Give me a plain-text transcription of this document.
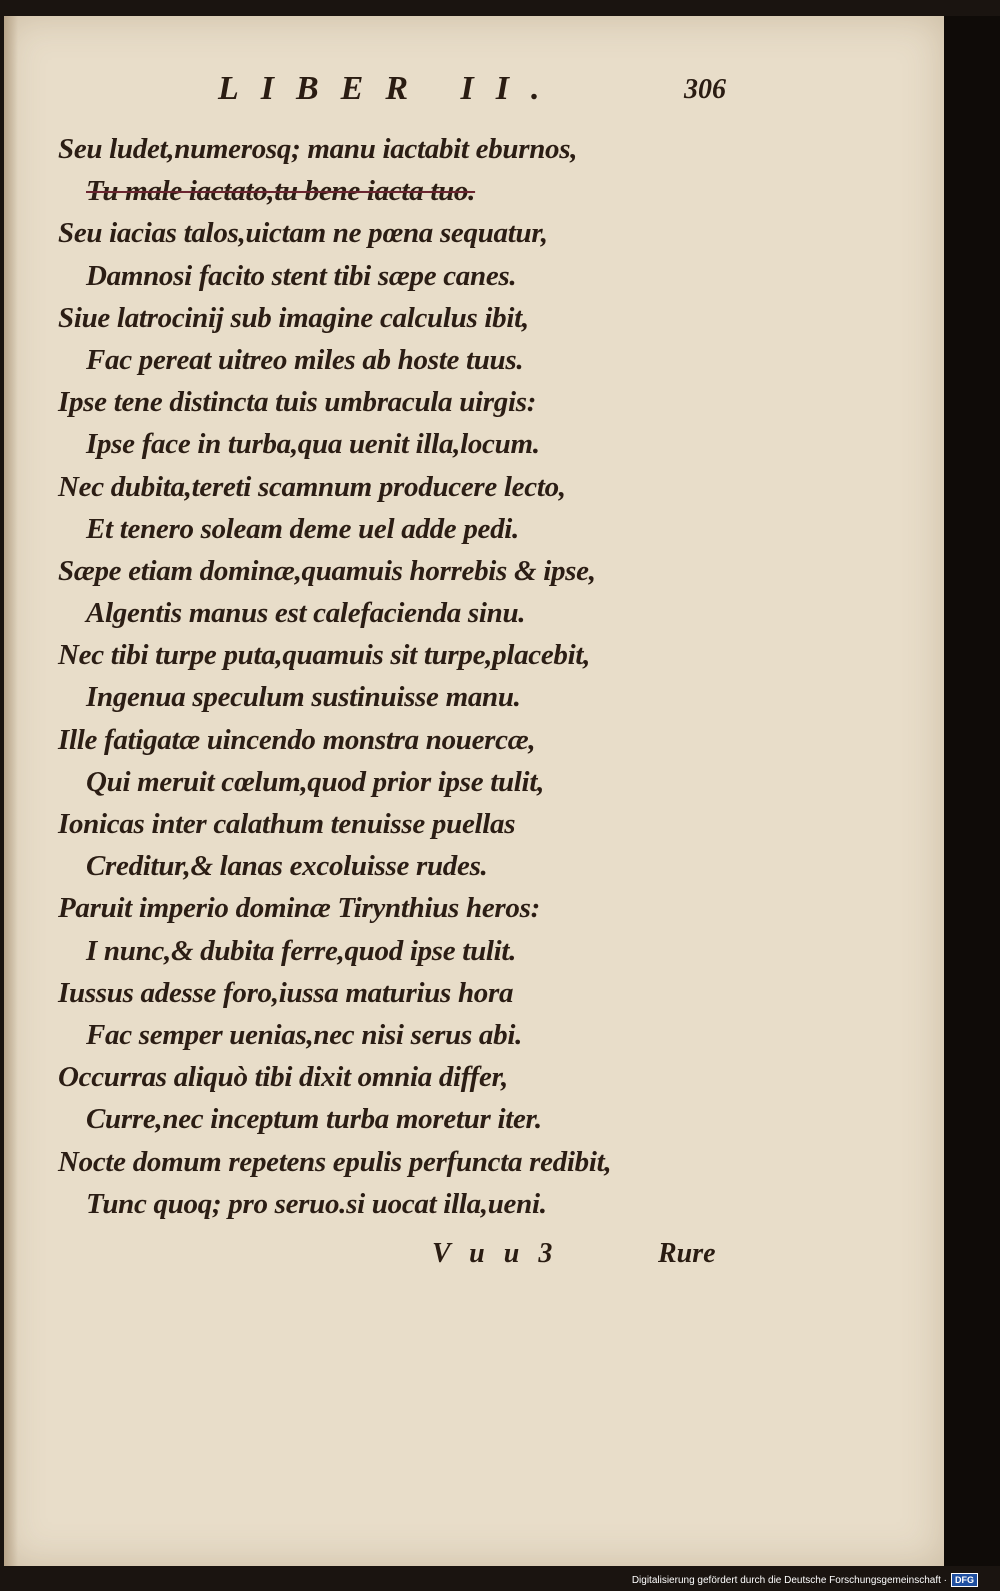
LIBER II.	306
Seu ludet,numerosq; manu iactabit eburnos,
Tu male iactato,tu bene iacta tuo.
Seu iacias talos,uictam ne pœna sequatur,
Damnosi facito stent tibi sæpe canes.
Siue latrocinij sub imagine calculus ibit,
Fac pereat uitreo miles ab hoste tuus.
Ipse tene distincta tuis umbracula uirgis:
Ipse face in turba,qua uenit illa,locum.
Nec dubita,tereti scamnum producere lecto,
Et tenero soleam deme uel adde pedi.
Sæpe etiam dominæ,quamuis horrebis & ipse,
Algentis manus est calefacienda sinu.
Nec tibi turpe puta,quamuis sit turpe,placebit,
Ingenua speculum sustinuisse manu.
Ille fatigatæ uincendo monstra nouercæ,
Qui meruit cœlum,quod prior ipse tulit,
Ionicas inter calathum tenuisse puellas
Creditur,& lanas excoluisse rudes.
Paruit imperio dominæ Tirynthius heros:
I nunc,& dubita ferre,quod ipse tulit.
Iussus adesse foro,iussa maturius hora
Fac semper uenias,nec nisi serus abi.
Occurras aliquò tibi dixit omnia differ,
Curre,nec inceptum turba moretur iter.
Nocte domum repetens epulis perfuncta redibit,
Tunc quoq; pro seruo.si uocat illa,ueni.
V u u 3	Rure
Digitalisierung gefördert durch die Deutsche Forschungsgemeinschaft · DFG
